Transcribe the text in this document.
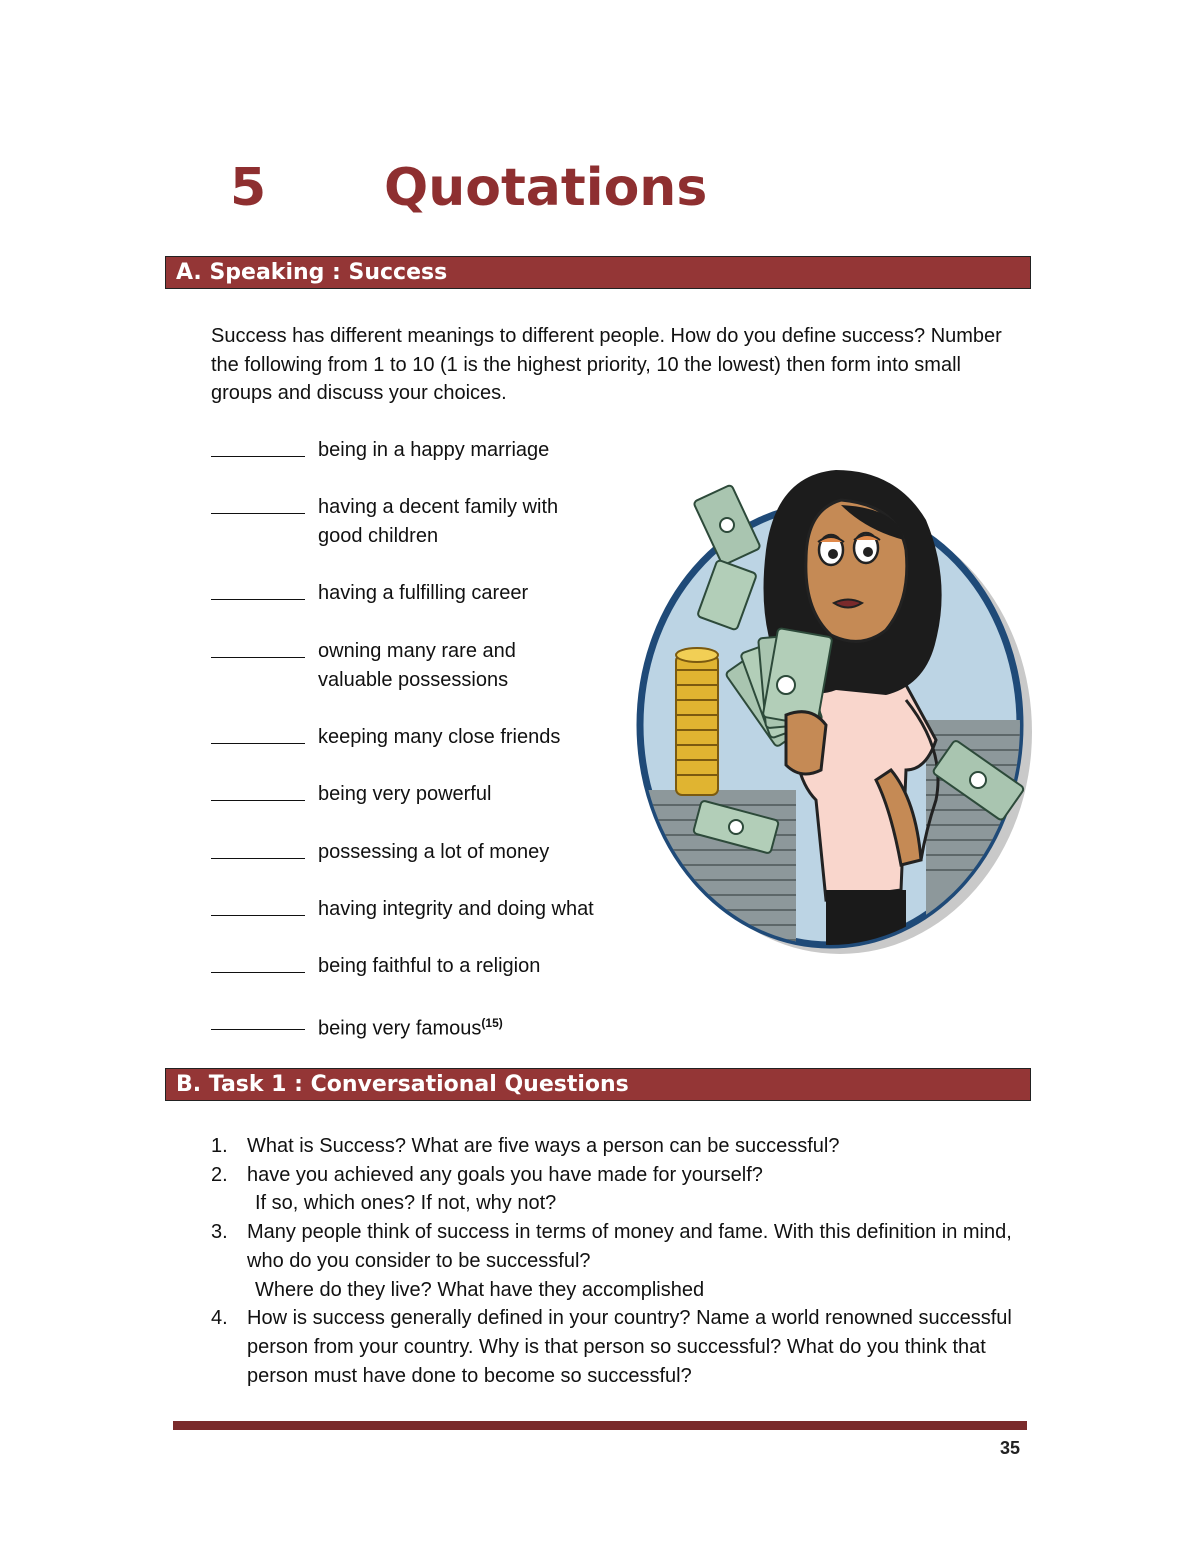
5 Quotations
A. Speaking : Success

Success has different meanings to different people. How do you define success? Number the following from 1 to 10 (1 is the highest priority, 10 the lowest) then form into small groups and discuss your choices.

being in a happy marriage
having a decent family with good children
having a fulfilling career
owning many rare and valuable possessions
keeping many close friends
being very powerful
possessing a lot of money
having integrity and doing what
being faithful to a religion
being very famous$^{(15)}$
B. Task 1 : Conversational Questions
1. What is Success? What are five ways a person can be successful?
2. have you achieved any goals you have made for yourself?
If so, which ones? If not, why not?
3. Many people think of success in terms of money and fame. With this definition in mind, who do you consider to be successful?
Where do they live? What have they accomplished
4. How is success generally defined in your country? Name a world renowned successful person from your country. Why is that person so successful? What do you think that person must have done to become so successful?
35
